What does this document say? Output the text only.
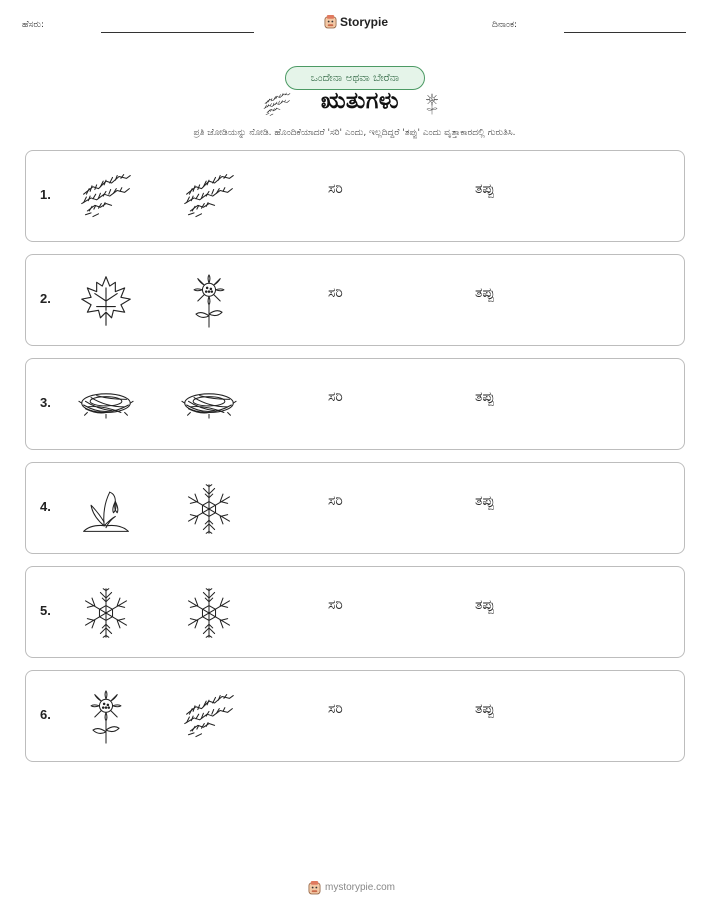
ಹೆಸರು:	Storypie	ದಿನಾಂಕ:
ಒಂದೇನಾ ಅಥವಾ ಬೇರೆನಾ
ಋತುಗಳು
ಪ್ರತಿ ಜೋಡಿಯನ್ನು ನೋಡಿ. ಹೊಂದಿಕೆಯಾದರೆ 'ಸರಿ' ಎಂದು, ಇಲ್ಲದಿದ್ದರೆ 'ತಪ್ಪು' ಎಂದು ವೃತ್ತಾಕಾರದಲ್ಲಿ ಗುರುತಿಸಿ.
1.	ಸರಿ	ತಪ್ಪು
2.	ಸರಿ	ತಪ್ಪು
3.	ಸರಿ	ತಪ್ಪು
4.	ಸರಿ	ತಪ್ಪು
5.	ಸರಿ	ತಪ್ಪು
6.	ಸರಿ	ತಪ್ಪು
mystorypie.com
